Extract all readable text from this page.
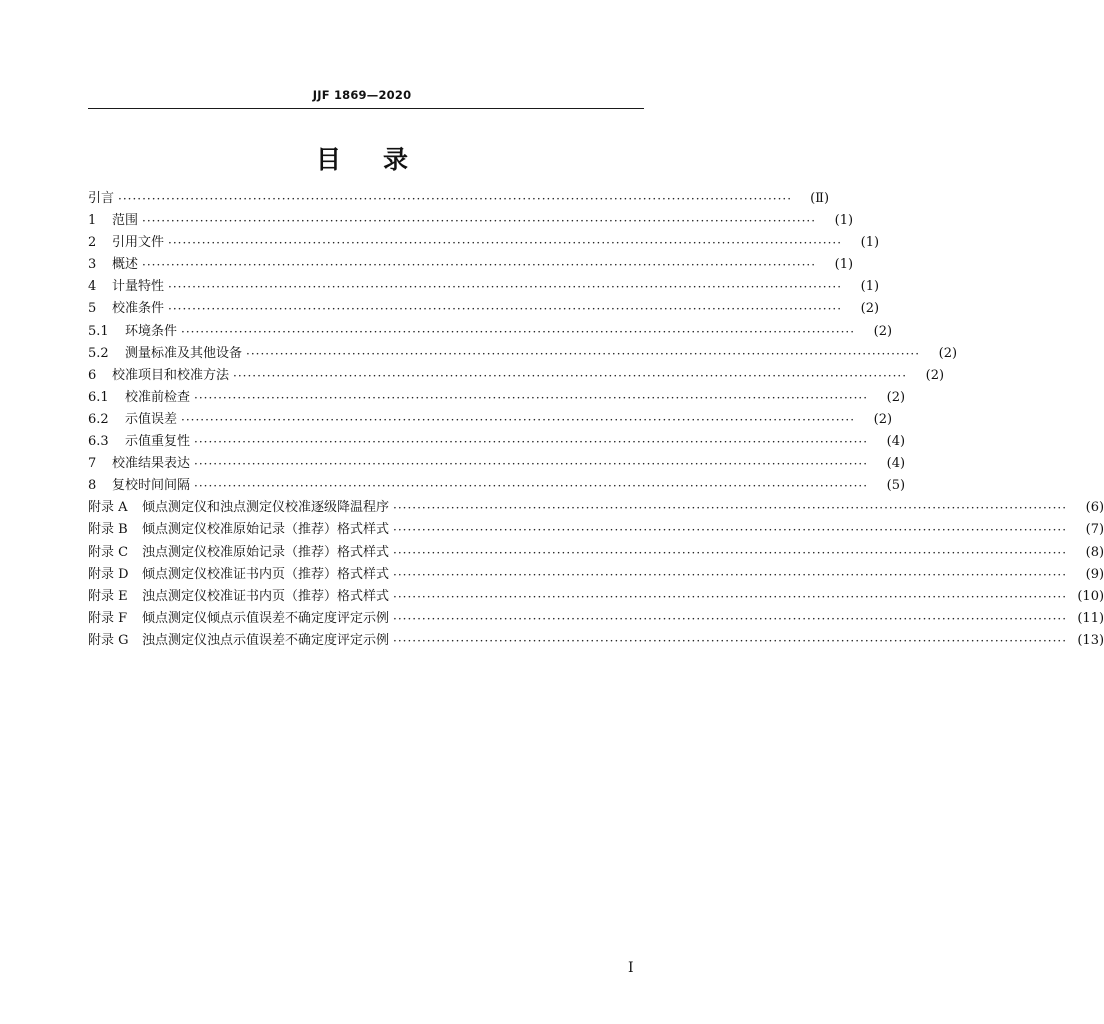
JJF 1869—2020
目 录
引言 ············································································································································	(Ⅱ)
1	范围 ············································································································································	(1)
2	引用文件 ············································································································································	(1)
3	概述 ············································································································································	(1)
4	计量特性 ············································································································································	(1)
5	校准条件 ············································································································································	(2)
5.1	环境条件 ············································································································································	(2)
5.2	测量标准及其他设备 ············································································································································	(2)
6	校准项目和校准方法 ············································································································································	(2)
6.1	校准前检查 ············································································································································	(2)
6.2	示值误差 ············································································································································	(2)
6.3	示值重复性 ············································································································································	(4)
7	校准结果表达 ············································································································································	(4)
8	复校时间间隔 ············································································································································	(5)
附录 A	倾点测定仪和浊点测定仪校准逐级降温程序 ············································································································································	(6)
附录 B	倾点测定仪校准原始记录（推荐）格式样式 ············································································································································	(7)
附录 C	浊点测定仪校准原始记录（推荐）格式样式 ············································································································································	(8)
附录 D	倾点测定仪校准证书内页（推荐）格式样式 ············································································································································	(9)
附录 E	浊点测定仪校准证书内页（推荐）格式样式 ············································································································································ (10)
附录 F	倾点测定仪倾点示值误差不确定度评定示例 ············································································································································ (11)
附录 G	浊点测定仪浊点示值误差不确定度评定示例 ············································································································································ (13)
I
